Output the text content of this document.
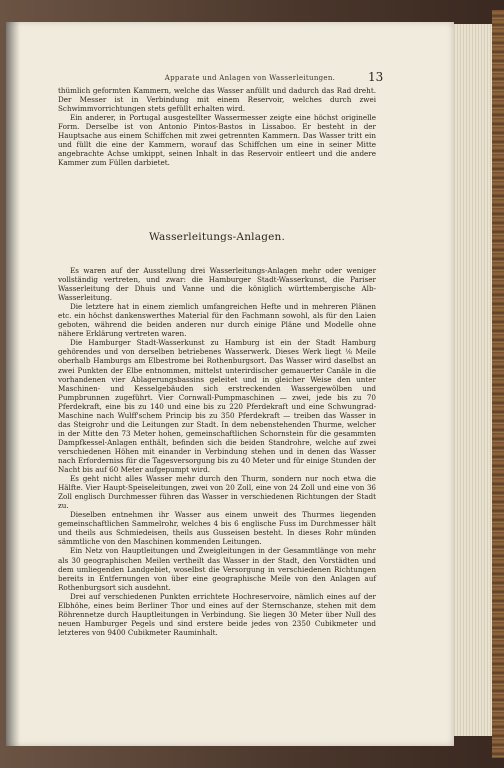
Apparate und Anlagen von Wasserleitungen.	13

thümlich geformten Kammern, welche das Wasser anfüllt und dadurch das Rad dreht. Der Messer ist in Verbindung mit einem Reservoir, welches durch zwei Schwimmvorrichtungen stets gefüllt erhalten wird.

Ein anderer, in Portugal ausgestellter Wassermesser zeigte eine höchst originelle Form. Derselbe ist von Antonio Pintos-Bastos in Lissaboo. Er besteht in der Hauptsache aus einem Schiffchen mit zwei getrennten Kammern. Das Wasser tritt ein und füllt die eine der Kammern, worauf das Schiffchen um eine in seiner Mitte angebrachte Achse umkippt, seinen Inhalt in das Reservoir entleert und die andere Kammer zum Füllen darbietet.

Wasserleitungs-Anlagen.

Es waren auf der Ausstellung drei Wasserleitungs-Anlagen mehr oder weniger vollständig vertreten, und zwar: die Hamburger Stadt-Wasserkunst, die Pariser Wasserleitung der Dhuis und Vanne und die königlich württembergische Alb-Wasserleitung.

Die letztere hat in einem ziemlich umfangreichen Hefte und in mehreren Plänen etc. ein höchst dankenswerthes Material für den Fachmann sowohl, als für den Laien geboten, während die beiden anderen nur durch einige Pläne und Modelle ohne nähere Erklärung vertreten waren.

Die Hamburger Stadt-Wasserkunst zu Hamburg ist ein der Stadt Hamburg gehörendes und von derselben betriebenes Wasserwerk. Dieses Werk liegt ⅛ Meile oberhalb Hamburgs am Elbestrome bei Rothenburgsort. Das Wasser wird daselbst an zwei Punkten der Elbe entnommen, mittelst unterirdischer gemauerter Canäle in die vorhandenen vier Ablagerungsbassins geleitet und in gleicher Weise den unter Maschinen- und Kesselgebäuden sich erstreckenden Wassergewölben und Pumpbrunnen zugeführt. Vier Cornwall-Pumpmaschinen — zwei, jede bis zu 70 Pferdekraft, eine bis zu 140 und eine bis zu 220 Pferdekraft und eine Schwungrad-Maschine nach Wulff'schem Princip bis zu 350 Pferdekraft — treiben das Wasser in das Steigrohr und die Leitungen zur Stadt. In dem nebenstehenden Thurme, welcher in der Mitte den 73 Meter hohen, gemeinschaftlichen Schornstein für die gesammten Dampfkessel-Anlagen enthält, befinden sich die beiden Standrohre, welche auf zwei verschiedenen Höhen mit einander in Verbindung stehen und in denen das Wasser nach Erforderniss für die Tagesversorgung bis zu 40 Meter und für einige Stunden der Nacht bis auf 60 Meter aufgepumpt wird.

Es geht nicht alles Wasser mehr durch den Thurm, sondern nur noch etwa die Hälfte. Vier Haupt-Speiseleitungen, zwei von 20 Zoll, eine von 24 Zoll und eine von 36 Zoll englisch Durchmesser führen das Wasser in verschiedenen Richtungen der Stadt zu.

Dieselben entnehmen ihr Wasser aus einem unweit des Thurmes liegenden gemeinschaftlichen Sammelrohr, welches 4 bis 6 englische Fuss im Durchmesser hält und theils aus Schmiedeisen, theils aus Gusseisen besteht. In dieses Rohr münden sämmtliche von den Maschinen kommenden Leitungen.

Ein Netz von Hauptleitungen und Zweigleitungen in der Gesammtlänge von mehr als 30 geographischen Meilen vertheilt das Wasser in der Stadt, den Vorstädten und dem umliegenden Landgebiet, woselbst die Versorgung in verschiedenen Richtungen bereits in Entfernungen von über eine geographische Meile von den Anlagen auf Rothenburgsort sich ausdehnt.

Drei auf verschiedenen Punkten errichtete Hochreservoire, nämlich eines auf der Elbhöhe, eines beim Berliner Thor und eines auf der Sternschanze, stehen mit dem Röhrennetze durch Hauptleitungen in Verbindung. Sie liegen 30 Meter über Null des neuen Hamburger Pegels und sind erstere beide jedes von 2350 Cubikmeter und letzteres von 9400 Cubikmeter Rauminhalt.
